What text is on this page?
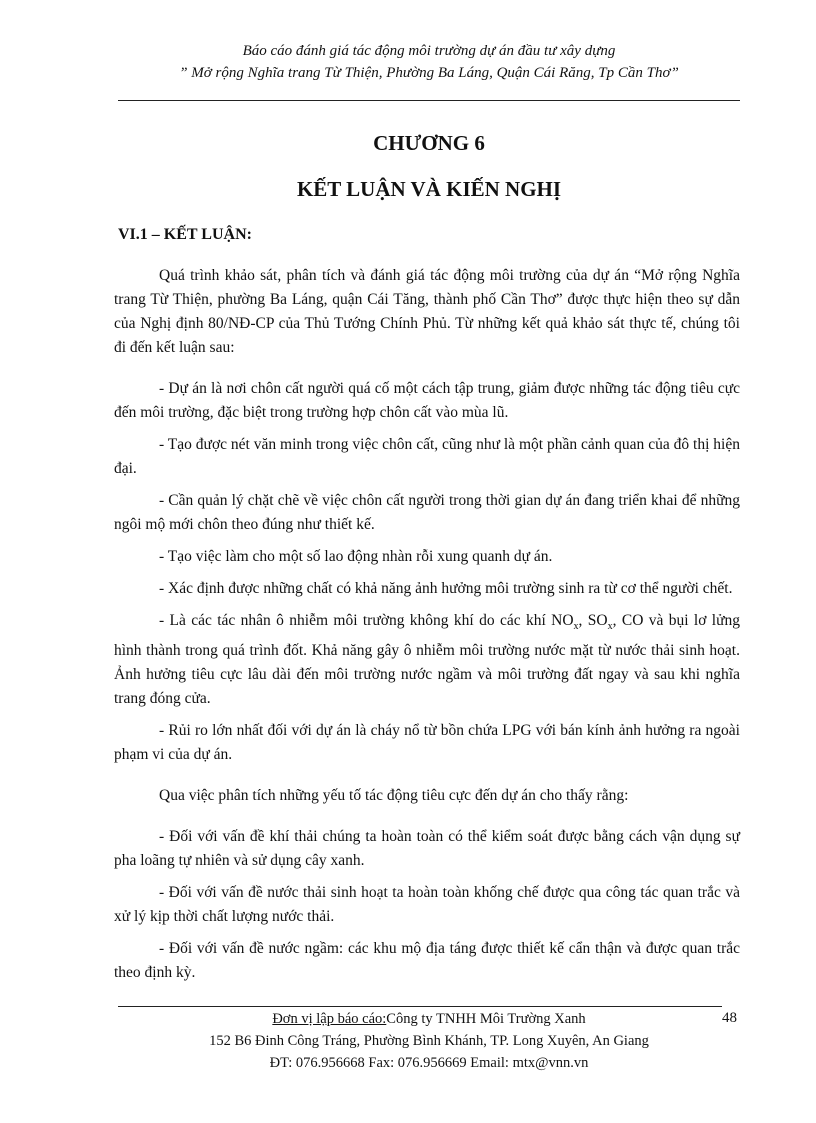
Báo cáo đánh giá tác động môi trường dự án đầu tư xây dựng
” Mở rộng Nghĩa trang Từ Thiện, Phường Ba Láng, Quận Cái Răng, Tp Cần Thơ”
CHƯƠNG 6
KẾT LUẬN VÀ KIẾN NGHỊ
VI.1 – KẾT LUẬN:

Quá trình khảo sát, phân tích và đánh giá tác động môi trường của dự án “Mở rộng Nghĩa trang Từ Thiện, phường Ba Láng, quận Cái Tăng, thành phố Cần Thơ” được thực hiện theo sự dẫn của Nghị định 80/NĐ-CP của Thủ Tướng Chính Phủ. Từ những kết quả khảo sát thực tế, chúng tôi đi đến kết luận sau:

- Dự án là nơi chôn cất người quá cố một cách tập trung, giảm được những tác động tiêu cực đến môi trường, đặc biệt trong trường hợp chôn cất vào mùa lũ.

- Tạo được nét văn minh trong việc chôn cất, cũng như là một phần cảnh quan của đô thị hiện đại.

- Cần quản lý chặt chẽ về việc chôn cất người trong thời gian dự án đang triển khai để những ngôi mộ mới chôn theo đúng như thiết kế.

- Tạo việc làm cho một số lao động nhàn rỗi xung quanh dự án.

- Xác định được những chất có khả năng ảnh hưởng môi trường sinh ra từ cơ thể người chết.

- Là các tác nhân ô nhiễm môi trường không khí do các khí $NO_x$, $SO_x$, CO và bụi lơ lửng hình thành trong quá trình đốt. Khả năng gây ô nhiễm môi trường nước mặt từ nước thải sinh hoạt. Ảnh hưởng tiêu cực lâu dài đến môi trường nước ngầm và môi trường đất ngay và sau khi nghĩa trang đóng cửa.

- Rủi ro lớn nhất đối với dự án là cháy nổ từ bồn chứa LPG với bán kính ảnh hưởng ra ngoài phạm vi của dự án.

Qua việc phân tích những yếu tố tác động tiêu cực đến dự án cho thấy rằng:

- Đối với vấn đề khí thải chúng ta hoàn toàn có thể kiểm soát được bằng cách vận dụng sự pha loãng tự nhiên và sử dụng cây xanh.

- Đối với vấn đề nước thải sinh hoạt ta hoàn toàn khống chế được qua công tác quan trắc và xử lý kịp thời chất lượng nước thải.

- Đối với vấn đề nước ngầm: các khu mộ địa táng được thiết kế cẩn thận và được quan trắc theo định kỳ.

Đơn vị lập báo cáo:Công ty TNHH Môi Trường Xanh
152 B6 Đinh Công Tráng, Phường Bình Khánh, TP. Long Xuyên, An Giang
ĐT: 076.956668 Fax: 076.956669 Email: mtx@vnn.vn
48
